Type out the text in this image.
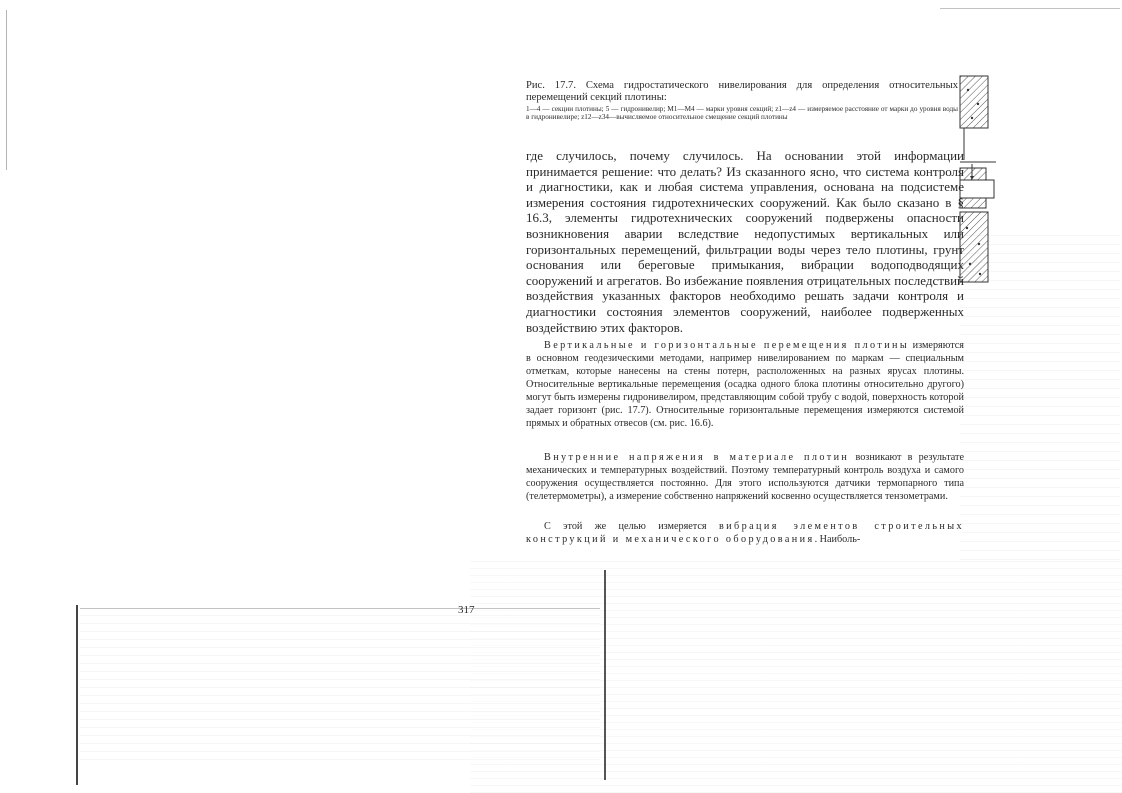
Рис. 17.7. Схема гидростатического нивелирования для определения относительных перемещений секций плотины:

1—4 — секции плотины; 5 — гидронивелир; M1—M4 — марки уровня секций; z1—z4 — измеряемое расстояние от марки до уровня воды в гидронивелире; z12—z34—вычисляемое относительное смещение секций плотины

где случилось, почему случилось. На основании этой информации принимается решение: что делать? Из сказанного ясно, что система контроля и диагностики, как и любая система управления, основана на подсистеме измерения состояния гидротехнических сооружений. Как было сказано в § 16.3, элементы гидротехнических сооружений подвержены опасности возникновения аварии вследствие недопустимых вертикальных или горизонтальных перемещений, фильтрации воды через тело плотины, грунт основания или береговые примыкания, вибрации водоподводящих сооружений и агрегатов. Во избежание появления отрицательных последствий воздействия указанных факторов необходимо решать задачи контроля и диагностики состояния элементов сооружений, наиболее подверженных воздействию этих факторов.

Вертикальные и горизонтальные перемещения плотины измеряются в основном геодезическими методами, например нивелированием по маркам — специальным отметкам, которые нанесены на стены потерн, расположенных на разных ярусах плотины. Относительные вертикальные перемещения (осадка одного блока плотины относительно другого) могут быть измерены гидронивелиром, представляющим собой трубу с водой, поверхность которой задает горизонт (рис. 17.7). Относительные горизонтальные перемещения измеряются системой прямых и обратных отвесов (см. рис. 16.6).

Внутренние напряжения в материале плотин возникают в результате механических и температурных воздействий. Поэтому температурный контроль воздуха и самого сооружения осуществляется постоянно. Для этого используются датчики термопарного типа (телетермометры), а измерение собственно напряжений косвенно осуществляется тензометрами.

С этой же целью измеряется вибрация элементов строительных конструкций и механического оборудования. Наиболь-

317
